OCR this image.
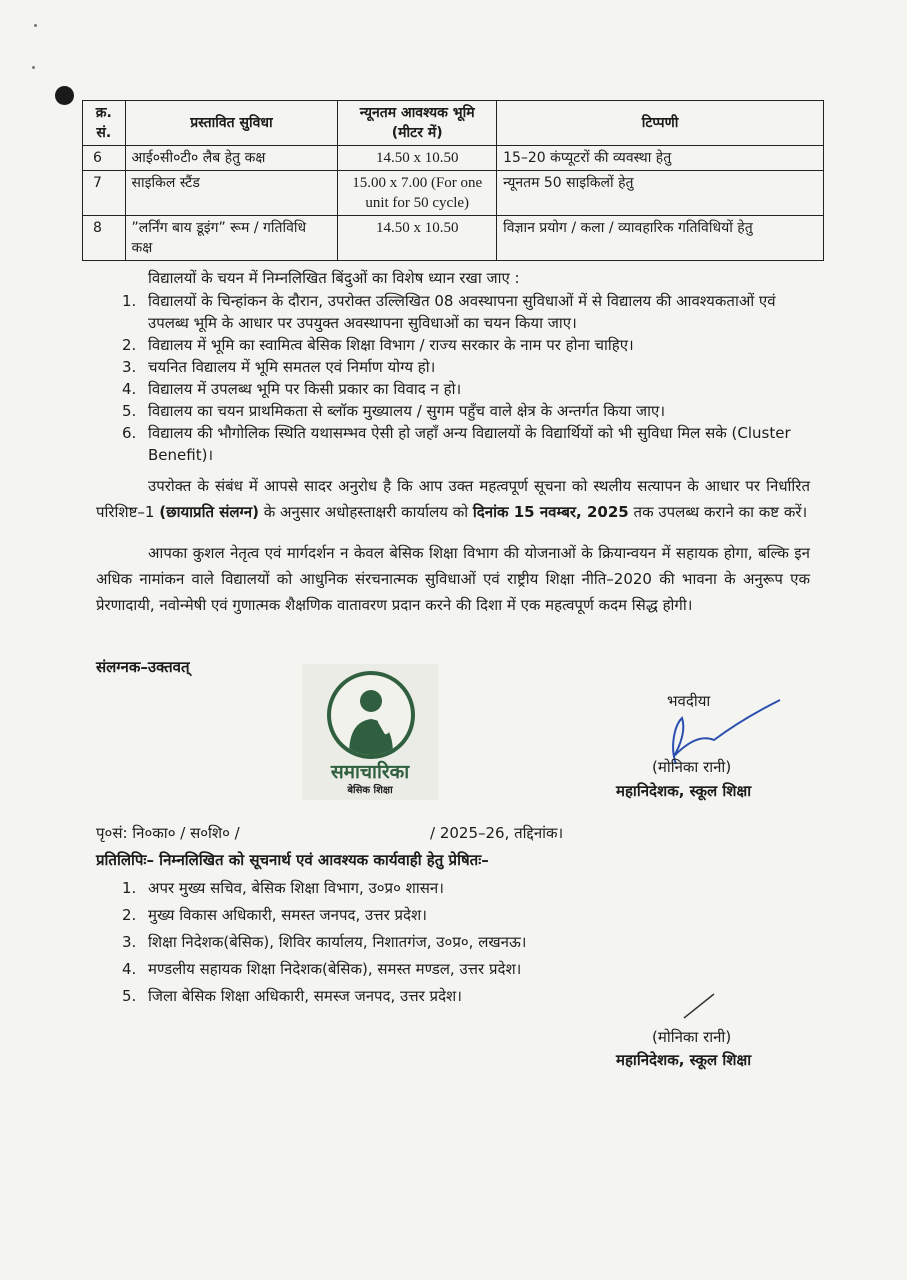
क्र. सं.	प्रस्तावित सुविधा	न्यूनतम आवश्यक भूमि (मीटर में)	टिप्पणी
6	आई०सी०टी० लैब हेतु कक्ष	14.50 x 10.50	15–20 कंप्यूटरों की व्यवस्था हेतु
7	साइकिल स्टैंड	15.00 x 7.00 (For one unit for 50 cycle)	न्यूनतम 50 साइकिलों हेतु
8	”लर्निंग बाय डूइंग” रूम / गतिविधि कक्ष	14.50 x 10.50	विज्ञान प्रयोग / कला / व्यावहारिक गतिविधियों हेतु

विद्यालयों के चयन में निम्नलिखित बिंदुओं का विशेष ध्यान रखा जाए :

1. विद्यालयों के चिन्हांकन के दौरान, उपरोक्त उल्लिखित 08 अवस्थापना सुविधाओं में से विद्यालय की आवश्यकताओं एवं उपलब्ध भूमि के आधार पर उपयुक्त अवस्थापना सुविधाओं का चयन किया जाए।
2. विद्यालय में भूमि का स्वामित्व बेसिक शिक्षा विभाग / राज्य सरकार के नाम पर होना चाहिए।
3. चयनित विद्यालय में भूमि समतल एवं निर्माण योग्य हो।
4. विद्यालय में उपलब्ध भूमि पर किसी प्रकार का विवाद न हो।
5. विद्यालय का चयन प्राथमिकता से ब्लॉक मुख्यालय / सुगम पहुँच वाले क्षेत्र के अन्तर्गत किया जाए।
6. विद्यालय की भौगोलिक स्थिति यथासम्भव ऐसी हो जहाँ अन्य विद्यालयों के विद्यार्थियों को भी सुविधा मिल सके (Cluster Benefit)।

उपरोक्त के संबंध में आपसे सादर अनुरोध है कि आप उक्त महत्वपूर्ण सूचना को स्थलीय सत्यापन के आधार पर निर्धारित परिशिष्ट–1 (छायाप्रति संलग्न) के अनुसार अधोहस्ताक्षरी कार्यालय को दिनांक 15 नवम्बर, 2025 तक उपलब्ध कराने का कष्ट करें।

आपका कुशल नेतृत्व एवं मार्गदर्शन न केवल बेसिक शिक्षा विभाग की योजनाओं के क्रियान्वयन में सहायक होगा, बल्कि इन अधिक नामांकन वाले विद्यालयों को आधुनिक संरचनात्मक सुविधाओं एवं राष्ट्रीय शिक्षा नीति–2020 की भावना के अनुरूप एक प्रेरणादायी, नवोन्मेषी एवं गुणात्मक शैक्षणिक वातावरण प्रदान करने की दिशा में एक महत्वपूर्ण कदम सिद्ध होगी।

संलग्नक–उक्तवत्

समाचारिका
बेसिक शिक्षा
भवदीया
(मोनिका रानी)
महानिदेशक, स्कूल शिक्षा

पृ०सं: नि०का० / स०शि० /	/ 2025–26, तद्दिनांक।

प्रतिलिपिः– निम्नलिखित को सूचनार्थ एवं आवश्यक कार्यवाही हेतु प्रेषितः–

1. अपर मुख्य सचिव, बेसिक शिक्षा विभाग, उ०प्र० शासन।
2. मुख्य विकास अधिकारी, समस्त जनपद, उत्तर प्रदेश।
3. शिक्षा निदेशक(बेसिक), शिविर कार्यालय, निशातगंज, उ०प्र०, लखनऊ।
4. मण्डलीय सहायक शिक्षा निदेशक(बेसिक), समस्त मण्डल, उत्तर प्रदेश।
5. जिला बेसिक शिक्षा अधिकारी, समस्ज जनपद, उत्तर प्रदेश।
(मोनिका रानी)
महानिदेशक, स्कूल शिक्षा
